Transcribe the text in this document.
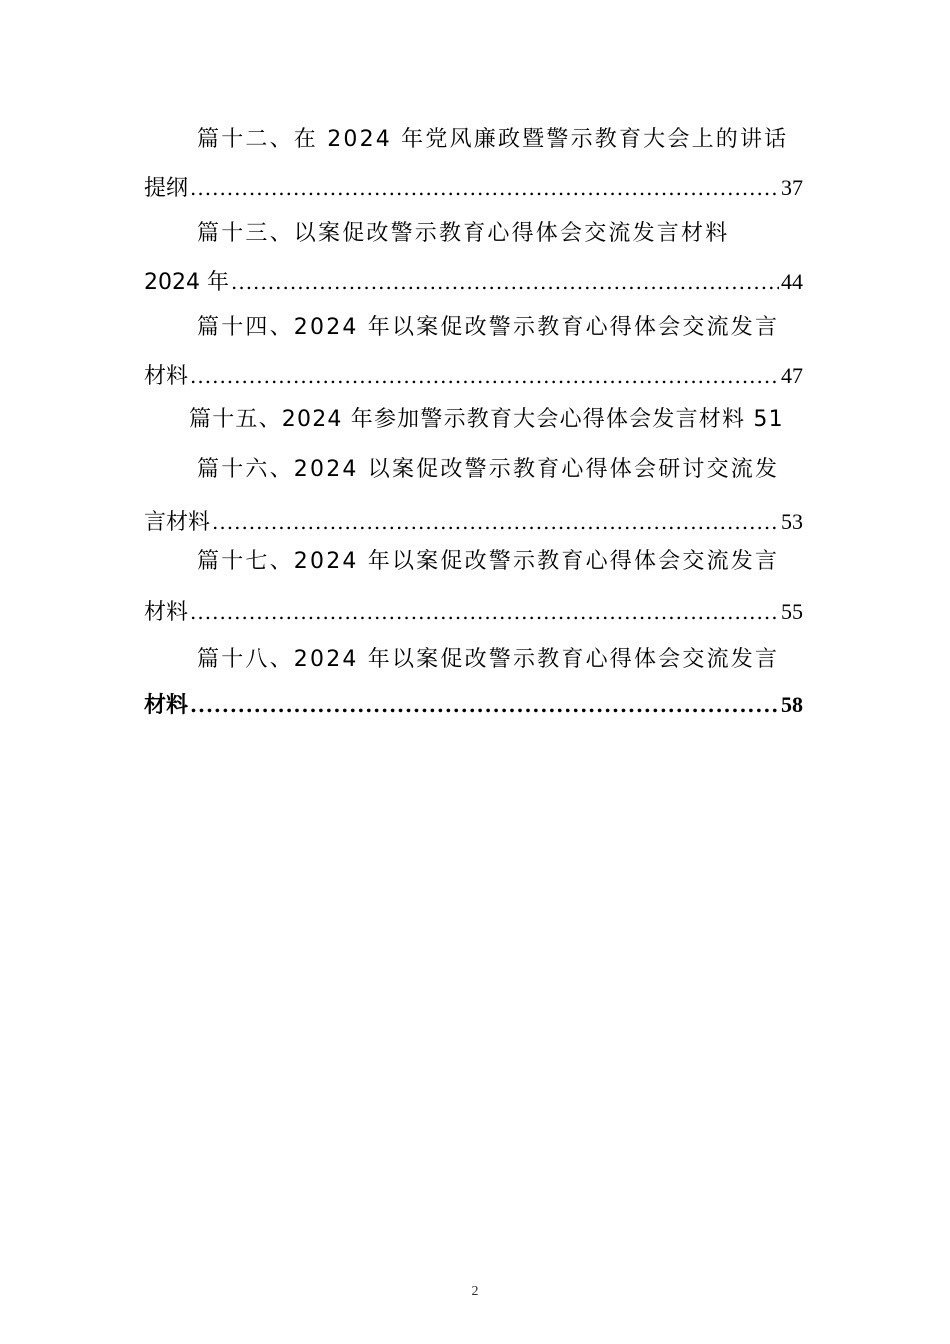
篇十二、在 2024 年党风廉政暨警示教育大会上的讲话
提纲 .....	37
篇十三、以案促改警示教育心得体会交流发言材料
2024 年 .....	44
篇十四、2024 年以案促改警示教育心得体会交流发言
材料 .....	47
篇十五、2024 年参加警示教育大会心得体会发言材料 51
篇十六、2024 以案促改警示教育心得体会研讨交流发
言材料 .....	53
篇十七、2024 年以案促改警示教育心得体会交流发言
材料 .....	55
篇十八、2024 年以案促改警示教育心得体会交流发言
材料 .....	58
2
